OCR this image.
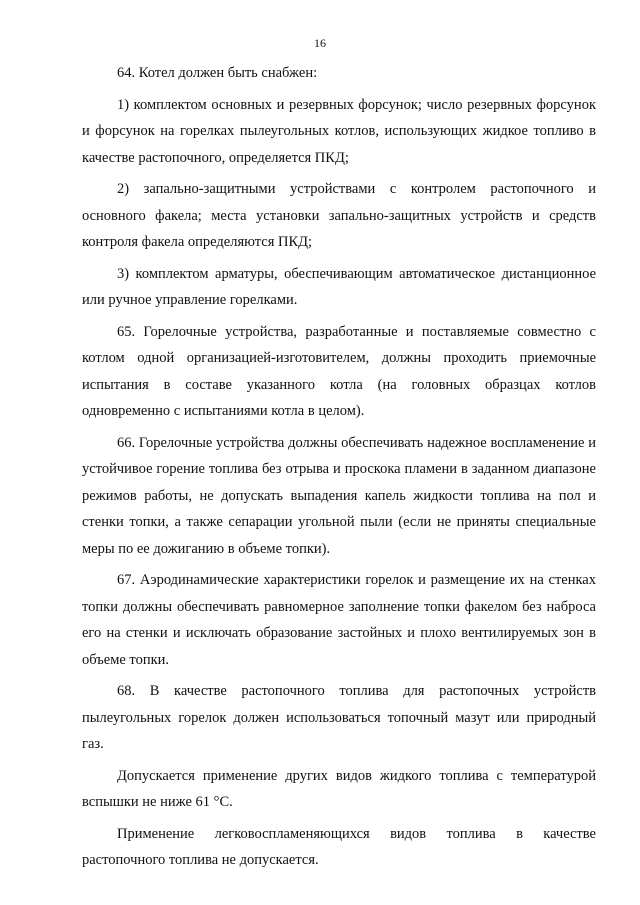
16

64. Котел должен быть снабжен:

1) комплектом основных и резервных форсунок; число резервных форсунок и форсунок на горелках пылеугольных котлов, использующих жидкое топливо в качестве растопочного, определяется ПКД;

2) запально-защитными устройствами с контролем растопочного и основного факела; места установки запально-защитных устройств и средств контроля факела определяются ПКД;

3) комплектом арматуры, обеспечивающим автоматическое дистанционное или ручное управление горелками.

65. Горелочные устройства, разработанные и поставляемые совместно с котлом одной организацией-изготовителем, должны проходить приемочные испытания в составе указанного котла (на головных образцах котлов одновременно с испытаниями котла в целом).

66. Горелочные устройства должны обеспечивать надежное воспламенение и устойчивое горение топлива без отрыва и проскока пламени в заданном диапазоне режимов работы, не допускать выпадения капель жидкости топлива на пол и стенки топки, а также сепарации угольной пыли (если не приняты специальные меры по ее дожиганию в объеме топки).

67. Аэродинамические характеристики горелок и размещение их на стенках топки должны обеспечивать равномерное заполнение топки факелом без наброса его на стенки и исключать образование застойных и плохо вентилируемых зон в объеме топки.

68. В качестве растопочного топлива для растопочных устройств пылеугольных горелок должен использоваться топочный мазут или природный газ.

Допускается применение других видов жидкого топлива с температурой вспышки не ниже 61 °С.

Применение легковоспламеняющихся видов топлива в качестве растопочного топлива не допускается.
